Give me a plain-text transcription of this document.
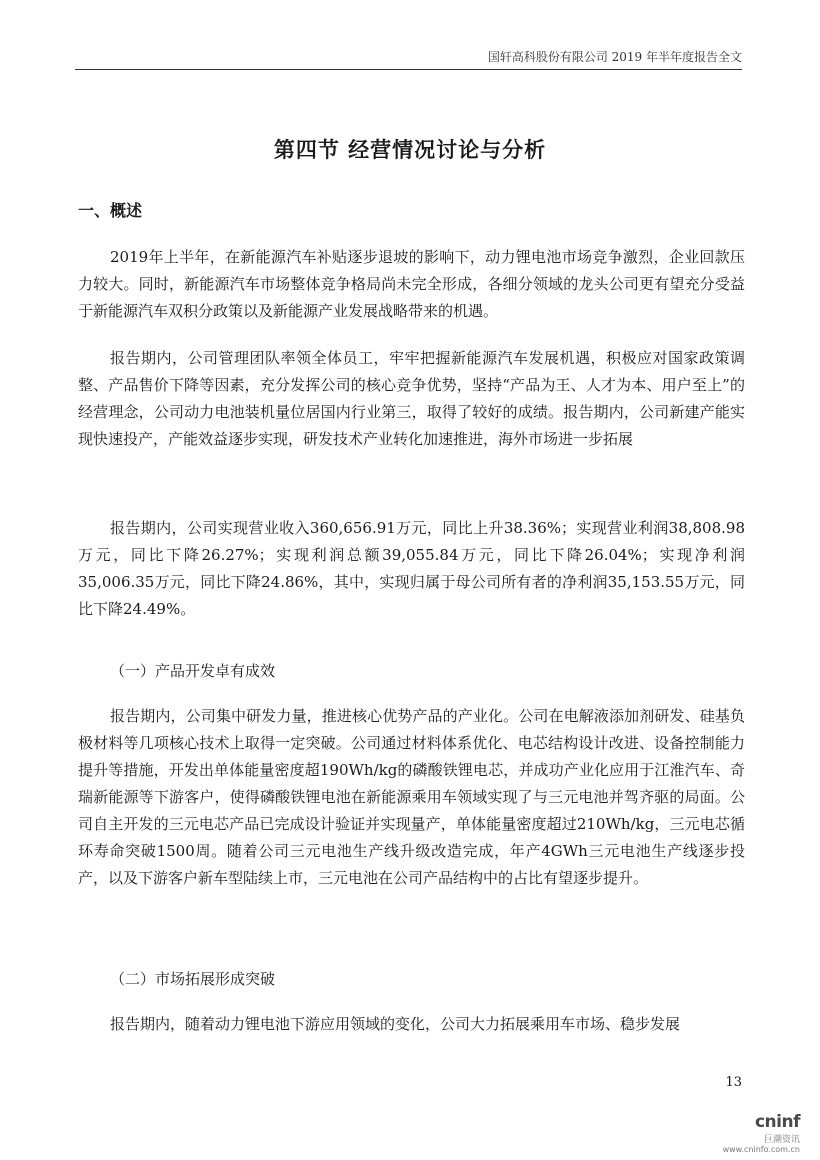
国轩高科股份有限公司 2019 年半年度报告全文
第四节 经营情况讨论与分析
一、概述

2019年上半年，在新能源汽车补贴逐步退坡的影响下，动力锂电池市场竞争激烈，企业回款压力较大。同时，新能源汽车市场整体竞争格局尚未完全形成，各细分领域的龙头公司更有望充分受益于新能源汽车双积分政策以及新能源产业发展战略带来的机遇。

报告期内，公司管理团队率领全体员工，牢牢把握新能源汽车发展机遇，积极应对国家政策调整、产品售价下降等因素，充分发挥公司的核心竞争优势，坚持“产品为王、人才为本、用户至上”的经营理念，公司动力电池装机量位居国内行业第三，取得了较好的成绩。报告期内，公司新建产能实现快速投产，产能效益逐步实现，研发技术产业转化加速推进，海外市场进一步拓展

报告期内，公司实现营业收入360,656.91万元，同比上升38.36%；实现营业利润38,808.98万元，同比下降26.27%；实现利润总额39,055.84万元，同比下降26.04%；实现净利润35,006.35万元，同比下降24.86%，其中，实现归属于母公司所有者的净利润35,153.55万元，同比下降24.49%。

（一）产品开发卓有成效

报告期内，公司集中研发力量，推进核心优势产品的产业化。公司在电解液添加剂研发、硅基负极材料等几项核心技术上取得一定突破。公司通过材料体系优化、电芯结构设计改进、设备控制能力提升等措施，开发出单体能量密度超190Wh/kg的磷酸铁锂电芯，并成功产业化应用于江淮汽车、奇瑞新能源等下游客户，使得磷酸铁锂电池在新能源乘用车领域实现了与三元电池并驾齐驱的局面。公司自主开发的三元电芯产品已完成设计验证并实现量产，单体能量密度超过210Wh/kg，三元电芯循环寿命突破1500周。随着公司三元电池生产线升级改造完成，年产4GWh三元电池生产线逐步投产，以及下游客户新车型陆续上市，三元电池在公司产品结构中的占比有望逐步提升。

（二）市场拓展形成突破

报告期内，随着动力锂电池下游应用领域的变化，公司大力拓展乘用车市场、稳步发展

13
cninf
巨潮资讯
www.cninfo.com.cn
